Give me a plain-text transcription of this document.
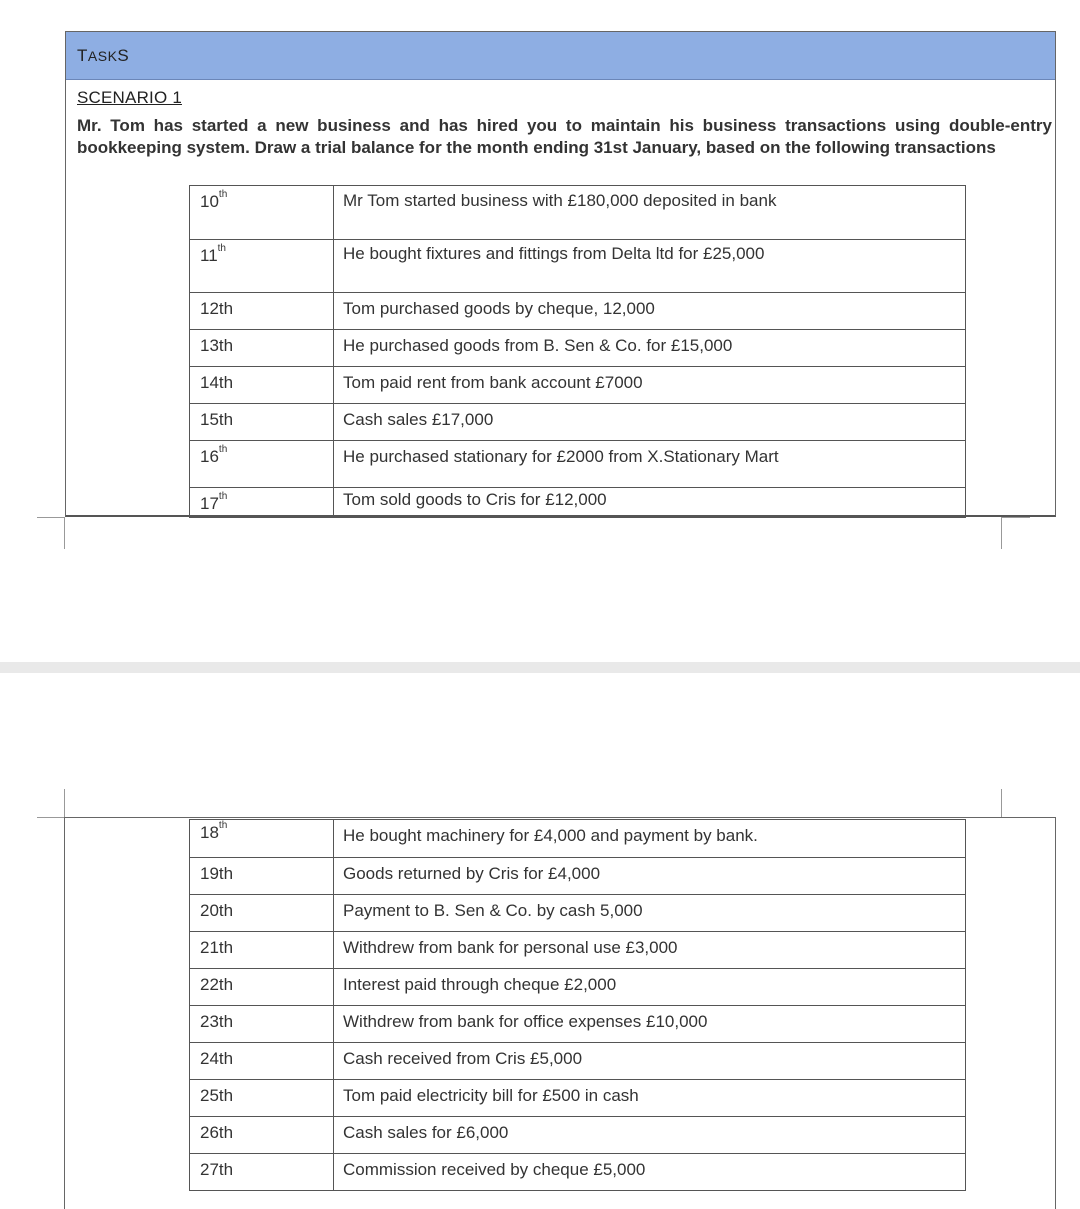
TASKS
SCENARIO 1
Mr. Tom has started a new business and has hired you to maintain his business transactions using double-entry bookkeeping system. Draw a trial balance for the month ending 31st January, based on the following transactions
10th	Mr Tom started business with £180,000 deposited in bank
11th	He bought fixtures and fittings from Delta ltd for £25,000
12th	Tom purchased goods by cheque, 12,000
13th	He purchased goods from B. Sen & Co. for £15,000
14th	Tom paid rent from bank account £7000
15th	Cash sales £17,000
16th	He purchased stationary for £2000 from X.Stationary Mart
17th	Tom sold goods to Cris for £12,000
18th	He bought machinery for £4,000 and payment by bank.
19th	Goods returned by Cris for £4,000
20th	Payment to B. Sen & Co. by cash 5,000
21th	Withdrew from bank for personal use £3,000
22th	Interest paid through cheque £2,000
23th	Withdrew from bank for office expenses £10,000
24th	Cash received from Cris £5,000
25th	Tom paid electricity bill for £500 in cash
26th	Cash sales for £6,000
27th	Commission received by cheque £5,000
